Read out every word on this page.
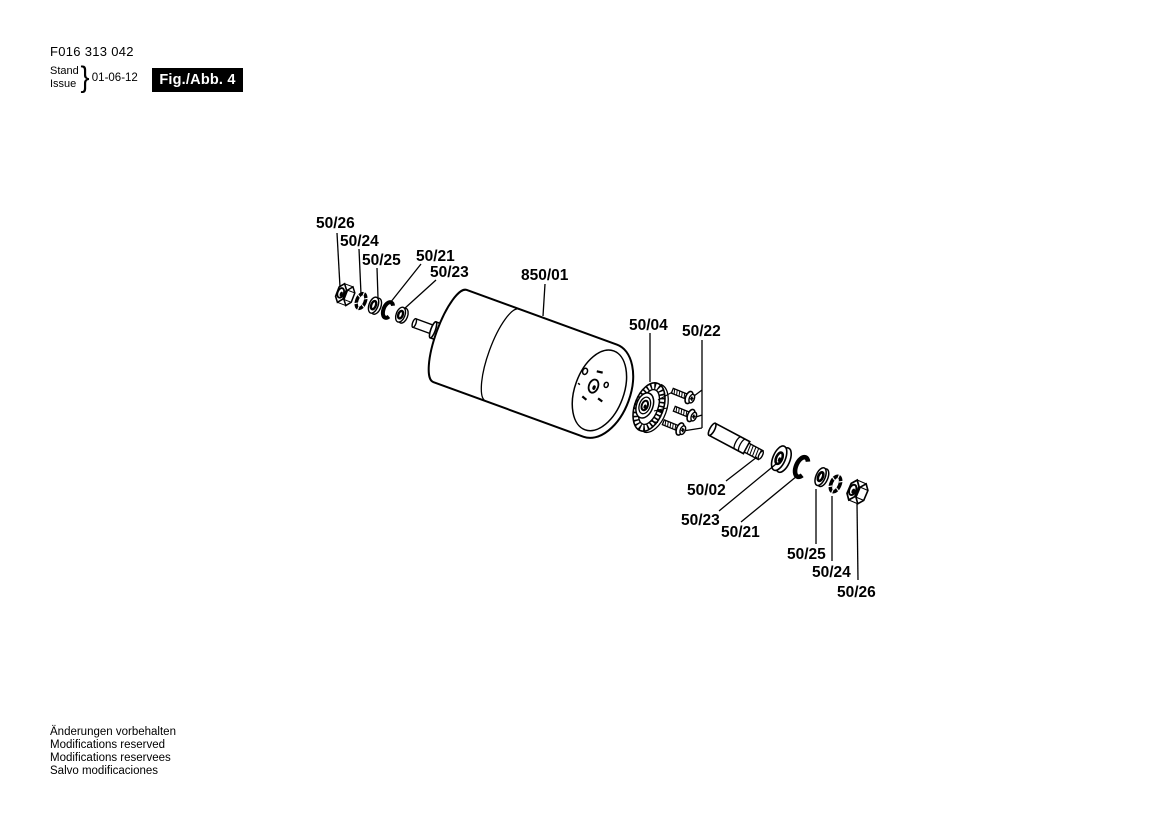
F016 313 042
Stand
Issue } 01-06-12	Fig./Abb. 4
50/26
50/24
50/25 50/21
50/23	850/01
50/04 50/22
50/02
50/23
50/21
50/25
50/24
50/26
Änderungen vorbehalten
Modifications reserved
Modifications reservees
Salvo modificaciones
